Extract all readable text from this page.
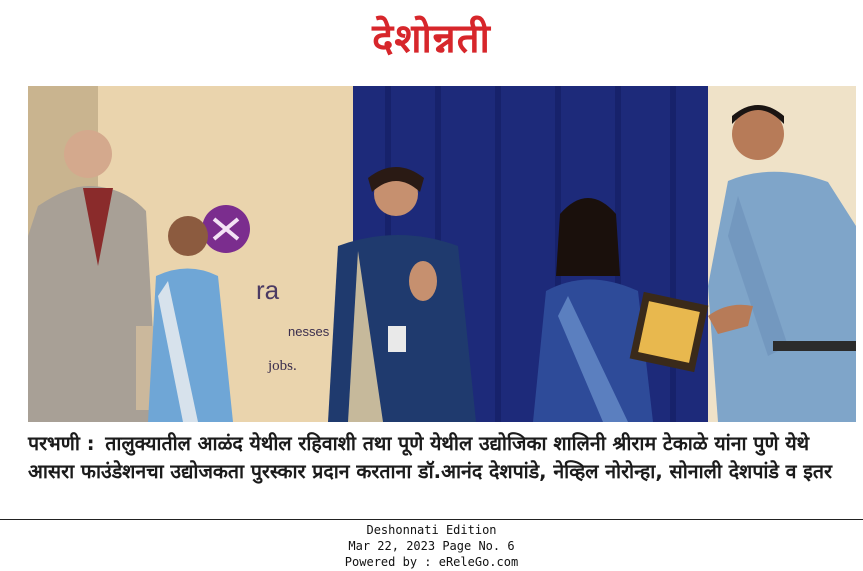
देशोन्नती
ra
nesses
jobs.
परभणी : तालुक्यातील आळंद येथील रहिवाशी तथा पूणे येथील उद्योजिका शालिनी श्रीराम टेकाळे यांना पुणे येथे आसरा फाउंडेशनचा उद्योजकता पुरस्कार प्रदान करताना डॉ.आनंद देशपांडे, नेव्हिल नोरोन्हा, सोनाली देशपांडे व इतर
Deshonnati Edition
Mar 22, 2023 Page No. 6
Powered by : eReleGo.com
